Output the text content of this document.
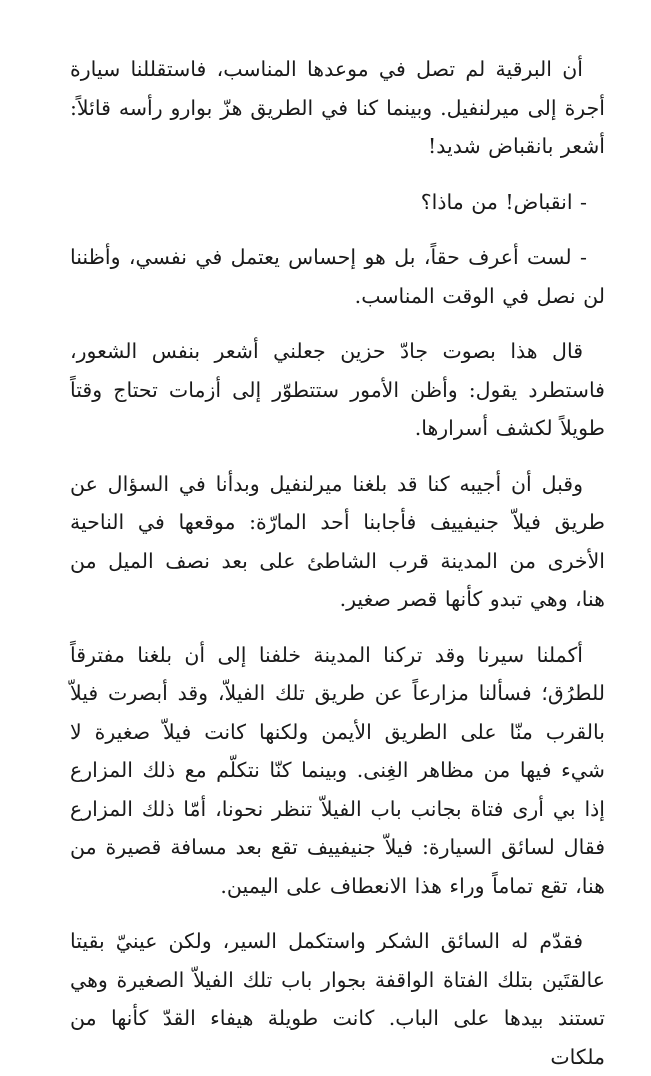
أن البرقية لم تصل في موعدها المناسب، فاستقللنا سيارة أجرة إلى ميرلنفيل. وبينما كنا في الطريق هزّ بوارو رأسه قائلاً: أشعر بانقباض شديد!

- انقباض! من ماذا؟

- لست أعرف حقاً، بل هو إحساس يعتمل في نفسي، وأظننا لن نصل في الوقت المناسب.

قال هذا بصوت جادّ حزين جعلني أشعر بنفس الشعور، فاستطرد يقول: وأظن الأمور ستتطوّر إلى أزمات تحتاج وقتاً طويلاً لكشف أسرارها.

وقبل أن أجيبه كنا قد بلغنا ميرلنفيل وبدأنا في السؤال عن طريق فيلاّ جنيفييف فأجابنا أحد المارّة: موقعها في الناحية الأخرى من المدينة قرب الشاطئ على بعد نصف الميل من هنا، وهي تبدو كأنها قصر صغير.

أكملنا سيرنا وقد تركنا المدينة خلفنا إلى أن بلغنا مفترقاً للطرُق؛ فسألنا مزارعاً عن طريق تلك الفيلاّ، وقد أبصرت فيلاّ بالقرب منّا على الطريق الأيمن ولكنها كانت فيلاّ صغيرة لا شيء فيها من مظاهر الغِنى. وبينما كنّا نتكلّم مع ذلك المزارع إذا بي أرى فتاة بجانب باب الفيلاّ تنظر نحونا، أمّا ذلك المزارع فقال لسائق السيارة: فيلاّ جنيفييف تقع بعد مسافة قصيرة من هنا، تقع تماماً وراء هذا الانعطاف على اليمين.

فقدّم له السائق الشكر واستكمل السير، ولكن عينيّ بقيتا عالقتَين بتلك الفتاة الواقفة بجوار باب تلك الفيلاّ الصغيرة وهي تستند بيدها على الباب. كانت طويلة هيفاء القدّ كأنها من ملكات
